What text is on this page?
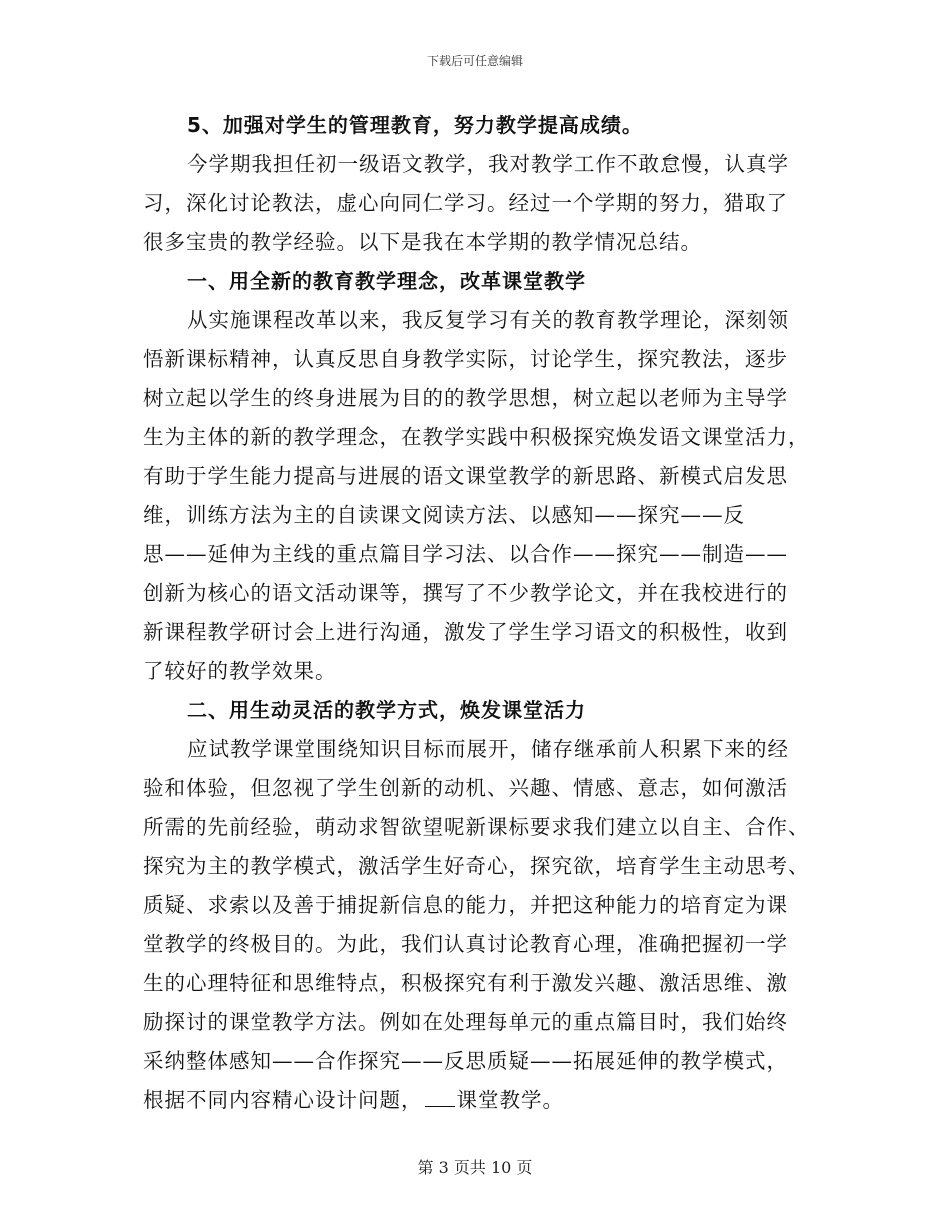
下载后可任意编辑

5、加强对学生的管理教育，努力教学提高成绩。

今学期我担任初一级语文教学，我对教学工作不敢怠慢，认真学
习，深化讨论教法，虚心向同仁学习。经过一个学期的努力，猎取了
很多宝贵的教学经验。以下是我在本学期的教学情况总结。

一、用全新的教育教学理念，改革课堂教学

从实施课程改革以来，我反复学习有关的教育教学理论，深刻领
悟新课标精神，认真反思自身教学实际，讨论学生，探究教法，逐步
树立起以学生的终身进展为目的的教学思想，树立起以老师为主导学
生为主体的新的教学理念，在教学实践中积极探究焕发语文课堂活力，
有助于学生能力提高与进展的语文课堂教学的新思路、新模式启发思
维，训练方法为主的自读课文阅读方法、以感知——探究——反
思——延伸为主线的重点篇目学习法、以合作——探究——制造——
创新为核心的语文活动课等，撰写了不少教学论文，并在我校进行的
新课程教学研讨会上进行沟通，激发了学生学习语文的积极性，收到
了较好的教学效果。

二、用生动灵活的教学方式，焕发课堂活力

应试教学课堂围绕知识目标而展开，储存继承前人积累下来的经
验和体验，但忽视了学生创新的动机、兴趣、情感、意志，如何激活
所需的先前经验，萌动求智欲望呢新课标要求我们建立以自主、合作、
探究为主的教学模式，激活学生好奇心，探究欲，培育学生主动思考、
质疑、求索以及善于捕捉新信息的能力，并把这种能力的培育定为课
堂教学的终极目的。为此，我们认真讨论教育心理，准确把握初一学
生的心理特征和思维特点，积极探究有利于激发兴趣、激活思维、激
励探讨的课堂教学方法。例如在处理每单元的重点篇目时，我们始终
采纳整体感知——合作探究——反思质疑——拓展延伸的教学模式，
根据不同内容精心设计问题， 课堂教学。

第 3 页共 10 页
